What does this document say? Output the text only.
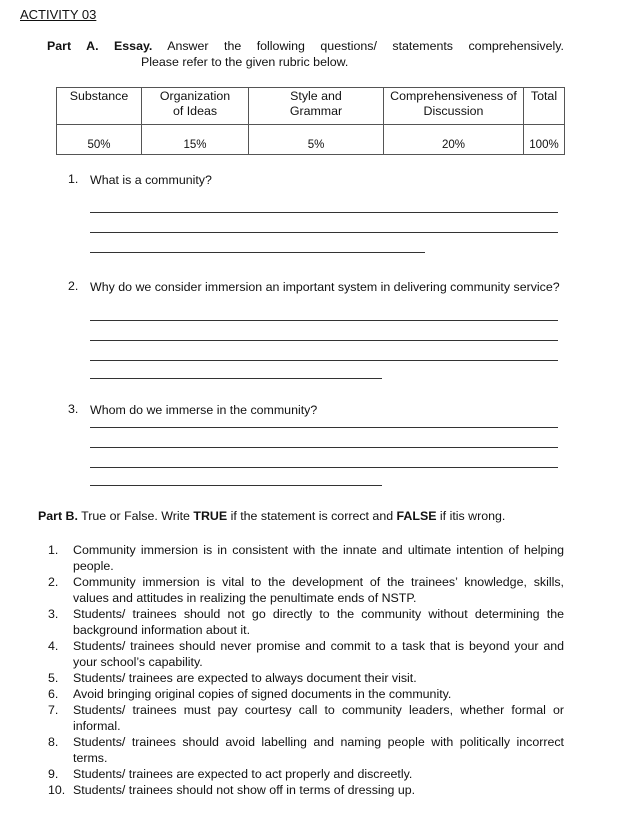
ACTIVITY 03
Part A. Essay. Answer the following questions/ statements comprehensively.
Please refer to the given rubric below.
Substance	Organization of Ideas	Style and Grammar	Comprehensiveness of Discussion	Total
50%	15%	5%	20%	100%
1. What is a community?
2. Why do we consider immersion an important system in delivering community service?
3. Whom do we immerse in the community?
Part B. True or False. Write TRUE if the statement is correct and FALSE if itis wrong.
1. Community immersion is in consistent with the innate and ultimate intention of helping people.
2. Community immersion is vital to the development of the trainees’ knowledge, skills, values and attitudes in realizing the penultimate ends of NSTP.
3. Students/ trainees should not go directly to the community without determining the background information about it.
4. Students/ trainees should never promise and commit to a task that is beyond your and your school’s capability.
5. Students/ trainees are expected to always document their visit.
6. Avoid bringing original copies of signed documents in the community.
7. Students/ trainees must pay courtesy call to community leaders, whether formal or informal.
8. Students/ trainees should avoid labelling and naming people with politically incorrect terms.
9. Students/ trainees are expected to act properly and discreetly.
10. Students/ trainees should not show off in terms of dressing up.
